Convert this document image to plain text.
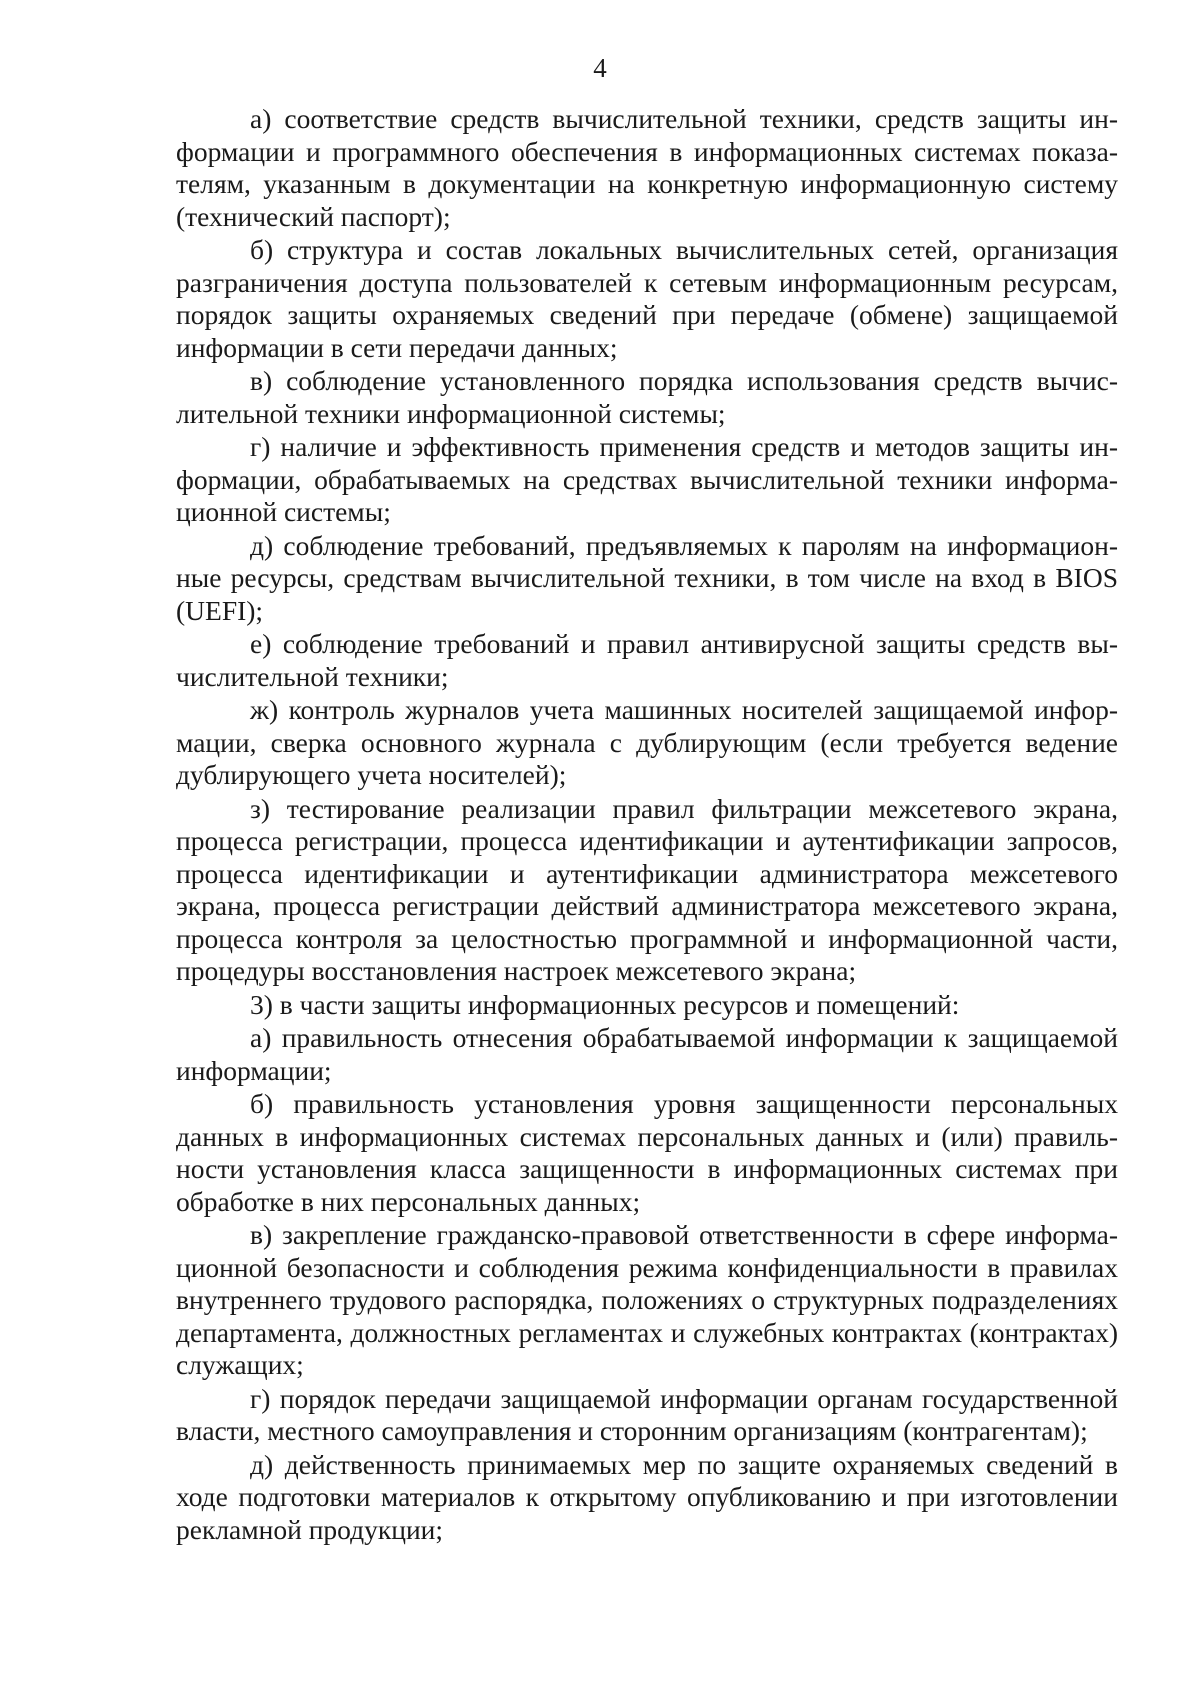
4

а) соответствие средств вычислительной техники, средств защиты информации и программного обеспечения в информационных системах показателям, указанным в документации на конкретную информационную систему (технический паспорт);

б) структура и состав локальных вычислительных сетей, организация разграничения доступа пользователей к сетевым информационным ресурсам, порядок защиты охраняемых сведений при передаче (обмене) защищаемой информации в сети передачи данных;

в) соблюдение установленного порядка использования средств вычислительной техники информационной системы;

г) наличие и эффективность применения средств и методов защиты информации, обрабатываемых на средствах вычислительной техники информационной системы;

д) соблюдение требований, предъявляемых к паролям на информационные ресурсы, средствам вычислительной техники, в том числе на вход в BIOS (UEFI);

е) соблюдение требований и правил антивирусной защиты средств вычислительной техники;

ж) контроль журналов учета машинных носителей защищаемой информации, сверка основного журнала с дублирующим (если требуется ведение дублирующего учета носителей);

з) тестирование реализации правил фильтрации межсетевого экрана, процесса регистрации, процесса идентификации и аутентификации запросов, процесса идентификации и аутентификации администратора межсетевого экрана, процесса регистрации действий администратора межсетевого экрана, процесса контроля за целостностью программной и информационной части, процедуры восстановления настроек межсетевого экрана;

3) в части защиты информационных ресурсов и помещений:

а) правильность отнесения обрабатываемой информации к защищаемой информации;

б) правильность установления уровня защищенности персональных данных в информационных системах персональных данных и (или) правильности установления класса защищенности в информационных системах при обработке в них персональных данных;

в) закрепление гражданско-правовой ответственности в сфере информационной безопасности и соблюдения режима конфиденциальности в правилах внутреннего трудового распорядка, положениях о структурных подразделениях департамента, должностных регламентах и служебных контрактах (контрактах) служащих;

г) порядок передачи защищаемой информации органам государственной власти, местного самоуправления и сторонним организациям (контрагентам);

д) действенность принимаемых мер по защите охраняемых сведений в ходе подготовки материалов к открытому опубликованию и при изготовлении рекламной продукции;
